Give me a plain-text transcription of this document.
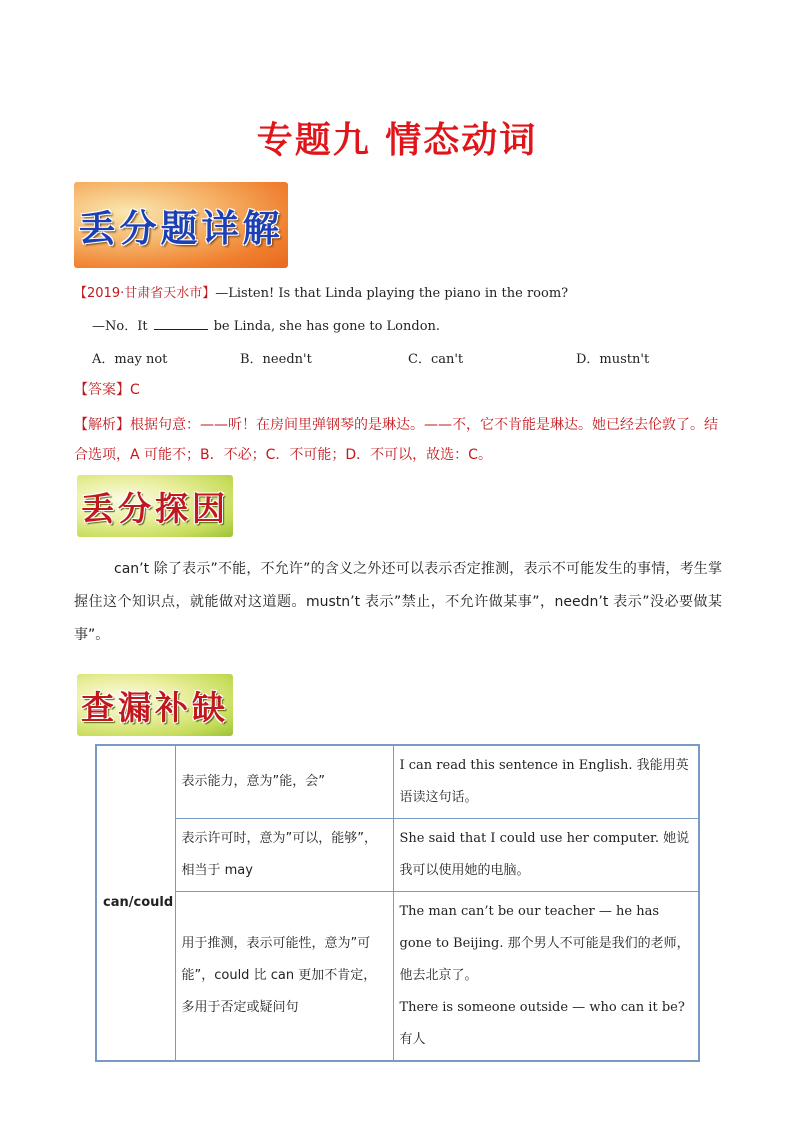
专题九 情态动词
丢分题详解
【2019·甘肃省天水市】—Listen! Is that Linda playing the piano in the room?
—No．It	be Linda, she has gone to London.
A．may not	B．needn't	C．can't	D．mustn't
【答案】C
【解析】根据句意：——听！在房间里弹钢琴的是琳达。——不，它不肯能是琳达。她已经去伦敦了。结合选项，A 可能不；B．不必；C．不可能；D．不可以，故选：C。
丢分探因
can’t 除了表示”不能，不允许”的含义之外还可以表示否定推测，表示不可能发生的事情，考生掌握住这个知识点，就能做对这道题。mustn’t 表示”禁止，不允许做某事”，needn’t 表示”没必要做某事”。
查漏补缺
can/could	表示能力，意为”能，会”	I can read this sentence in English. 我能用英语读这句话。
	表示许可时，意为”可以，能够”，相当于 may	She said that I could use her computer. 她说我可以使用她的电脑。
	用于推测，表示可能性，意为”可能”，could 比 can 更加不肯定，多用于否定或疑问句	The man can’t be our teacher — he has gone to Beijing. 那个男人不可能是我们的老师，他去北京了。
There is someone outside — who can it be? 有人
